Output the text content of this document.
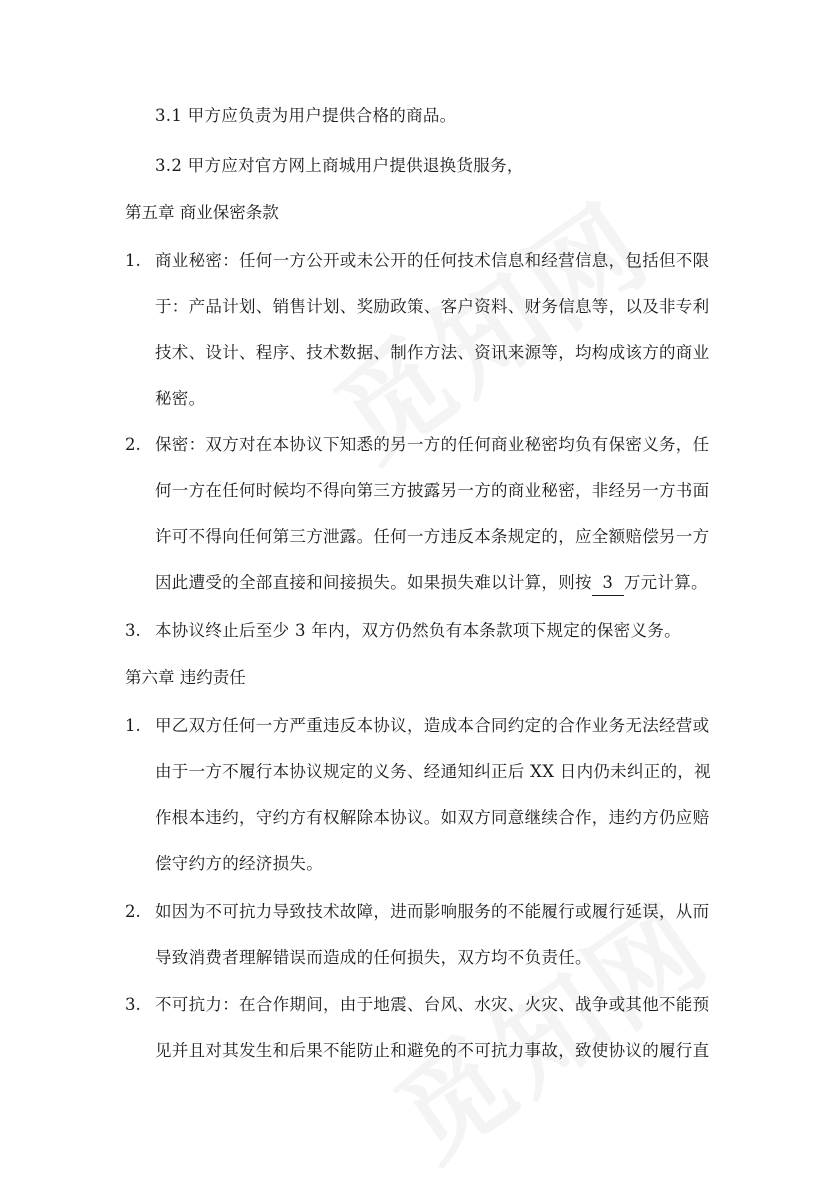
3.1 甲方应负责为用户提供合格的商品。
3.2 甲方应对官方网上商城用户提供退换货服务，
第五章 商业保密条款
1. 商业秘密：任何一方公开或未公开的任何技术信息和经营信息，包括但不限
于：产品计划、销售计划、奖励政策、客户资料、财务信息等，以及非专利
技术、设计、程序、技术数据、制作方法、资讯来源等，均构成该方的商业
秘密。
2. 保密：双方对在本协议下知悉的另一方的任何商业秘密均负有保密义务，任
何一方在任何时候均不得向第三方披露另一方的商业秘密，非经另一方书面
许可不得向任何第三方泄露。任何一方违反本条规定的，应全额赔偿另一方
因此遭受的全部直接和间接损失。如果损失难以计算，则按 3 万元计算。
3. 本协议终止后至少 3 年内，双方仍然负有本条款项下规定的保密义务。
第六章 违约责任
1. 甲乙双方任何一方严重违反本协议，造成本合同约定的合作业务无法经营或
由于一方不履行本协议规定的义务、经通知纠正后 XX 日内仍未纠正的，视
作根本违约，守约方有权解除本协议。如双方同意继续合作，违约方仍应赔
偿守约方的经济损失。
2. 如因为不可抗力导致技术故障，进而影响服务的不能履行或履行延误，从而
导致消费者理解错误而造成的任何损失，双方均不负责任。
3. 不可抗力：在合作期间，由于地震、台风、水灾、火灾、战争或其他不能预
见并且对其发生和后果不能防止和避免的不可抗力事故，致使协议的履行直
